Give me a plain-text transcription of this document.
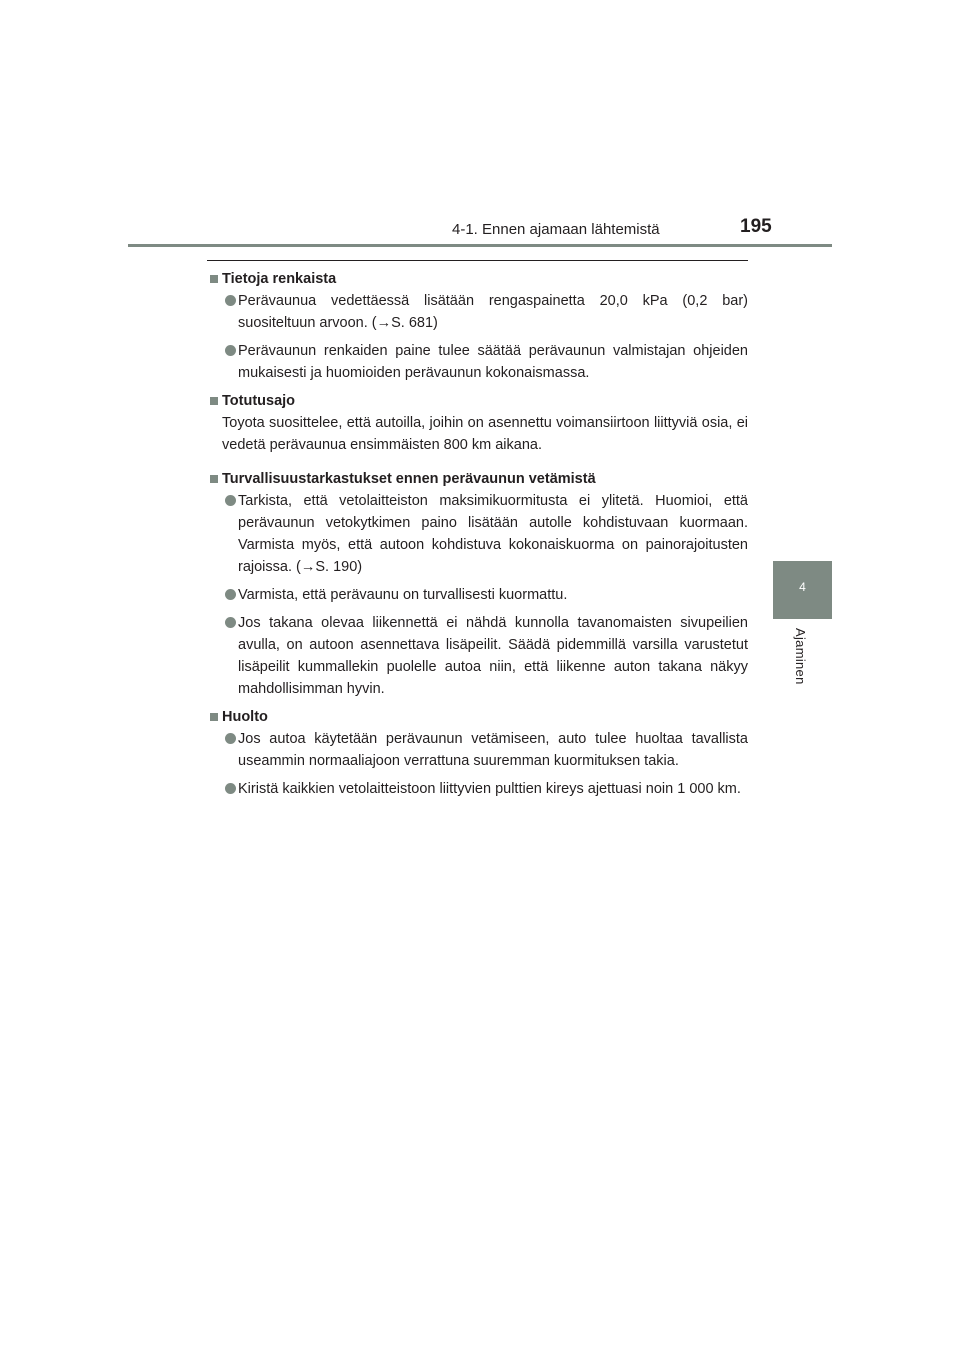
4-1. Ennen ajamaan lähtemistä	195
4
Ajaminen
Tietoja renkaista
Perävaunua vedettäessä lisätään rengaspainetta 20,0 kPa (0,2 bar) suositeltuun arvoon. (→S. 681)
Perävaunun renkaiden paine tulee säätää perävaunun valmistajan ohjeiden mukaisesti ja huomioiden perävaunun kokonaismassa.
Totutusajo
Toyota suosittelee, että autoilla, joihin on asennettu voimansiirtoon liittyviä osia, ei vedetä perävaunua ensimmäisten 800 km aikana.
Turvallisuustarkastukset ennen perävaunun vetämistä
Tarkista, että vetolaitteiston maksimikuormitusta ei ylitetä. Huomioi, että perävaunun vetokytkimen paino lisätään autolle kohdistuvaan kuormaan. Varmista myös, että autoon kohdistuva kokonaiskuorma on painorajoitusten rajoissa. (→S. 190)
Varmista, että perävaunu on turvallisesti kuormattu.
Jos takana olevaa liikennettä ei nähdä kunnolla tavanomaisten sivupeilien avulla, on autoon asennettava lisäpeilit. Säädä pidemmillä varsilla varustetut lisäpeilit kummallekin puolelle autoa niin, että liikenne auton takana näkyy mahdollisimman hyvin.
Huolto
Jos autoa käytetään perävaunun vetämiseen, auto tulee huoltaa tavallista useammin normaaliajoon verrattuna suuremman kuormituksen takia.
Kiristä kaikkien vetolaitteistoon liittyvien pulttien kireys ajettuasi noin 1 000 km.
